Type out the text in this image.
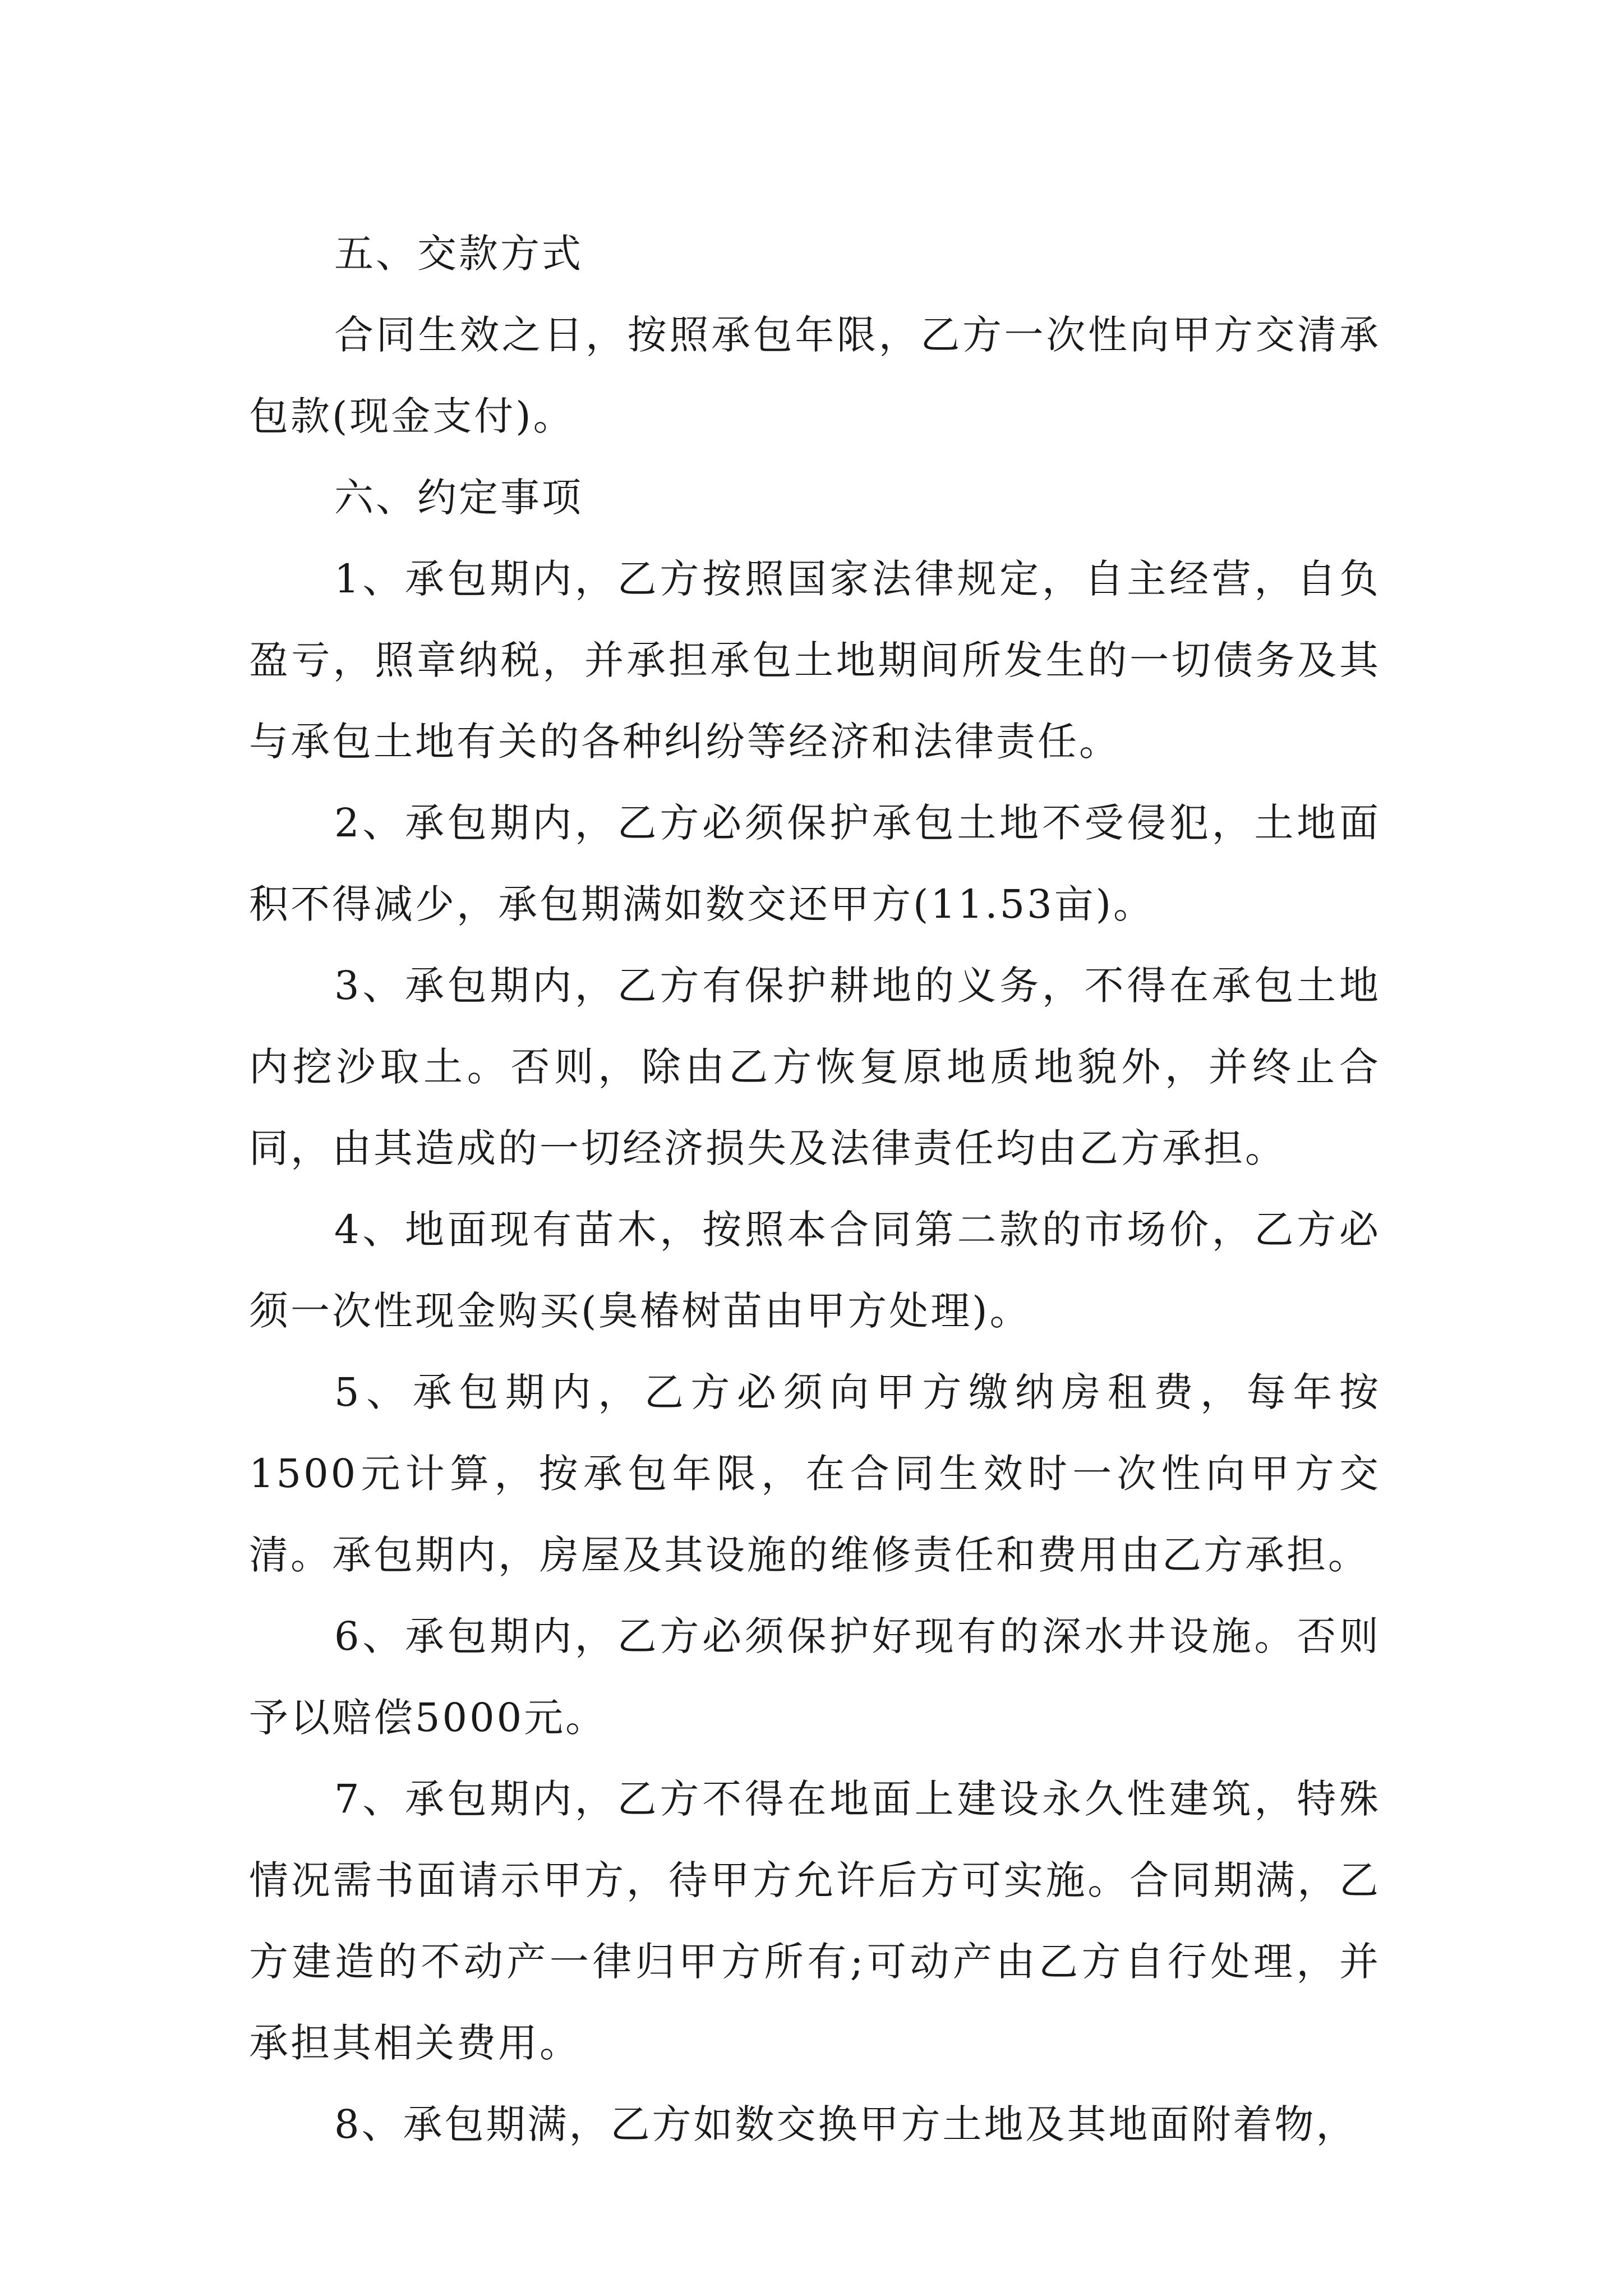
五、交款方式

合同生效之日，按照承包年限，乙方一次性向甲方交清承包款(现金支付)。

六、约定事项

1、承包期内，乙方按照国家法律规定，自主经营，自负盈亏，照章纳税，并承担承包土地期间所发生的一切债务及其与承包土地有关的各种纠纷等经济和法律责任。

2、承包期内，乙方必须保护承包土地不受侵犯，土地面积不得减少，承包期满如数交还甲方(11.53亩)。

3、承包期内，乙方有保护耕地的义务，不得在承包土地内挖沙取土。否则，除由乙方恢复原地质地貌外，并终止合同，由其造成的一切经济损失及法律责任均由乙方承担。

4、地面现有苗木，按照本合同第二款的市场价，乙方必须一次性现金购买(臭椿树苗由甲方处理)。

5、承包期内，乙方必须向甲方缴纳房租费，每年按1500元计算，按承包年限，在合同生效时一次性向甲方交清。承包期内，房屋及其设施的维修责任和费用由乙方承担。

6、承包期内，乙方必须保护好现有的深水井设施。否则予以赔偿5000元。

7、承包期内，乙方不得在地面上建设永久性建筑，特殊情况需书面请示甲方，待甲方允许后方可实施。合同期满，乙方建造的不动产一律归甲方所有;可动产由乙方自行处理，并承担其相关费用。

8、承包期满，乙方如数交换甲方土地及其地面附着物，
